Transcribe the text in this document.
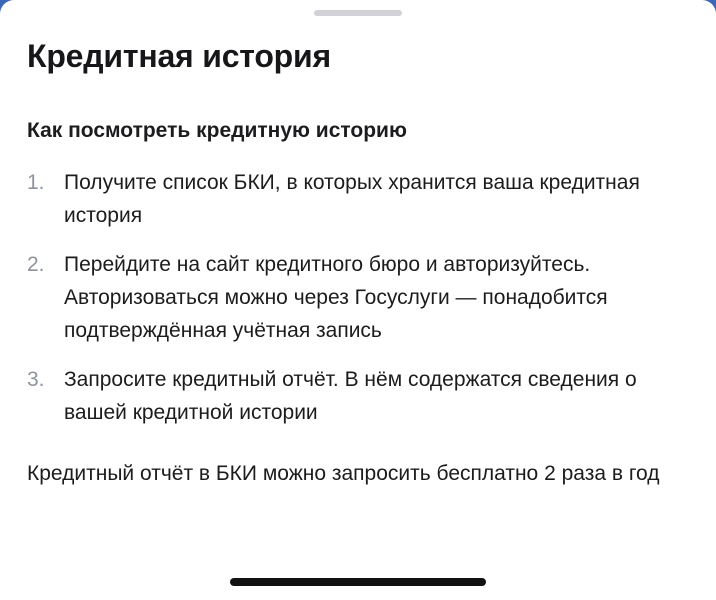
Кредитная история
Как посмотреть кредитную историю
1. Получите список БКИ, в которых хранится ваша кредитная история
2. Перейдите на сайт кредитного бюро и авторизуйтесь. Авторизоваться можно через Госуслуги — понадобится подтверждённая учётная запись
3. Запросите кредитный отчёт. В нём содержатся сведения о вашей кредитной истории

Кредитный отчёт в БКИ можно запросить бесплатно 2 раза в год
